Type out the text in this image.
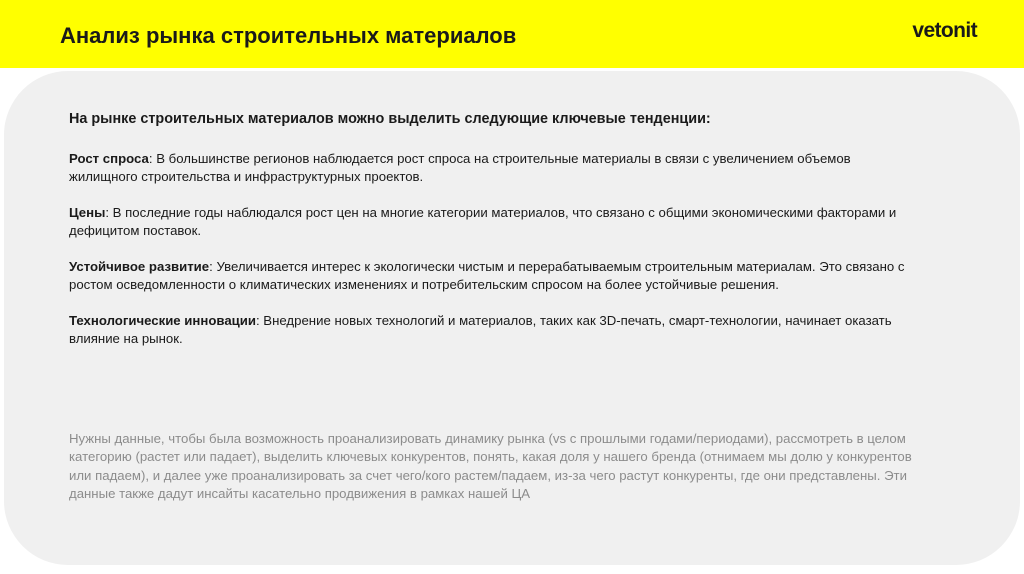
Анализ рынка строительных материалов	vetonit

На рынке строительных материалов можно выделить следующие ключевые тенденции:

Рост спроса: В большинстве регионов наблюдается рост спроса на строительные материалы в связи с увеличением объемов жилищного строительства и инфраструктурных проектов.

Цены: В последние годы наблюдался рост цен на многие категории материалов, что связано с общими экономическими факторами и дефицитом поставок.

Устойчивое развитие: Увеличивается интерес к экологически чистым и перерабатываемым строительным материалам. Это связано с ростом осведомленности о климатических изменениях и потребительским спросом на более устойчивые решения.

Технологические инновации: Внедрение новых технологий и материалов, таких как 3D-печать, смарт-технологии, начинает оказать влияние на рынок.

Нужны данные, чтобы была возможность проанализировать динамику рынка (vs с прошлыми годами/периодами), рассмотреть в целом категорию (растет или падает), выделить ключевых конкурентов, понять, какая доля у нашего бренда (отнимаем мы долю у конкурентов или падаем), и далее уже проанализировать за счет чего/кого растем/падаем, из-за чего растут конкуренты, где они представлены. Эти данные также дадут инсайты касательно продвижения в рамках нашей ЦА
